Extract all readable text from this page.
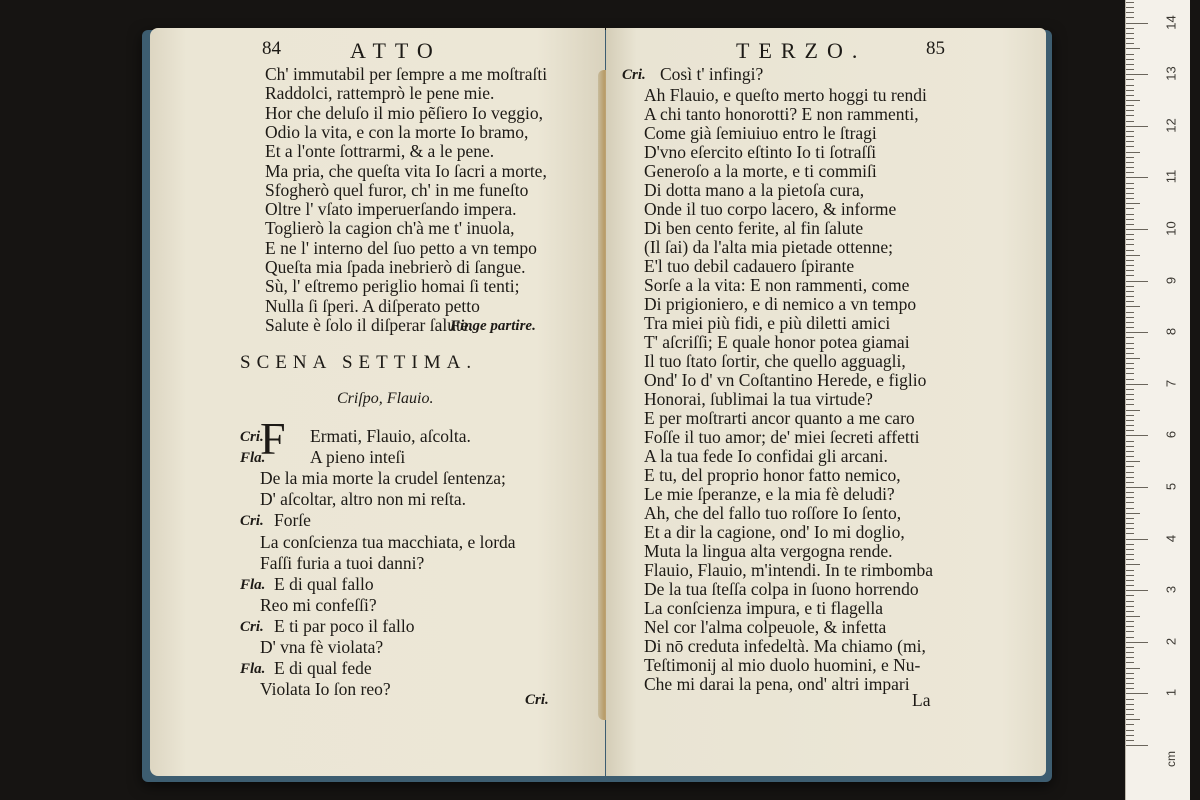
84	ATTO
Ch' immutabil per ſempre a me moſtraſti
Raddolci, rattemprò le pene mie.
Hor che deluſo il mio pẽſiero Io veggio,
Odio la vita, e con la morte Io bramo,
Et a l'onte ſottrarmi, & a le pene.
Ma pria, che queſta vita Io ſacri a morte,
Sfogherò quel furor, ch' in me funeſto
Oltre l' vſato imperuerſando impera.
Toglierò la cagion ch'à me t' inuola,
E ne l' interno del ſuo petto a vn tempo
Queſta mia ſpada inebrierò di ſangue.
Sù, l' eſtremo periglio homai ſi tenti;
Nulla ſi ſperi. A diſperato petto
Salute è ſolo il diſperar ſalute.
Finge partire.
SCENA SETTIMA.
Criſpo, Flauio.
F
Cri.	Ermati, Flauio, aſcolta.
Fla.	A pieno inteſi
De la mia morte la crudel ſentenza;
D' aſcoltar, altro non mi reſta.
Cri. Forſe
La conſcienza tua macchiata, e lorda
Faſſi furia a tuoi danni?
Fla. E di qual fallo
Reo mi confeſſi?
Cri. E ti par poco il fallo
D' vna fè violata?
Fla. E di qual fede
Violata Io ſon reo?
Cri.
TERZO.	85
Cri. Così t' infingi?
Ah Flauio, e queſto merto hoggi tu rendi
A chi tanto honorotti? E non rammenti,
Come già ſemiuiuo entro le ſtragi
D'vno eſercito eſtinto Io ti ſotraſſi
Generoſo a la morte, e ti commiſi
Di dotta mano a la pietoſa cura,
Onde il tuo corpo lacero, & informe
Di ben cento ferite, al fin ſalute
(Il ſai) da l'alta mia pietade ottenne;
E'l tuo debil cadauero ſpirante
Sorſe a la vita: E non rammenti, come
Di prigioniero, e di nemico a vn tempo
Tra miei più fidi, e più diletti amici
T' aſcriſſi; E quale honor potea giamai
Il tuo ſtato ſortir, che quello agguagli,
Ond' Io d' vn Coſtantino Herede, e figlio
Honorai, ſublimai la tua virtude?
E per moſtrarti ancor quanto a me caro
Foſſe il tuo amor; de' miei ſecreti affetti
A la tua fede Io confidai gli arcani.
E tu, del proprio honor fatto nemico,
Le mie ſperanze, e la mia fè deludi?
Ah, che del fallo tuo roſſore Io ſento,
Et a dir la cagione, ond' Io mi doglio,
Muta la lingua alta vergogna rende.
Flauio, Flauio, m'intendi. In te rimbomba
De la tua ſteſſa colpa in ſuono horrendo
La conſcienza impura, e ti flagella
Nel cor l'alma colpeuole, & infetta
Di nō creduta infedeltà. Ma chiamo (mi,
Teſtimonij al mio duolo huomini, e Nu-
Che mi darai la pena, ond' altri impari
La
cm
14
13
12
11
10
9
8
7
6
5
4
3
2
1
